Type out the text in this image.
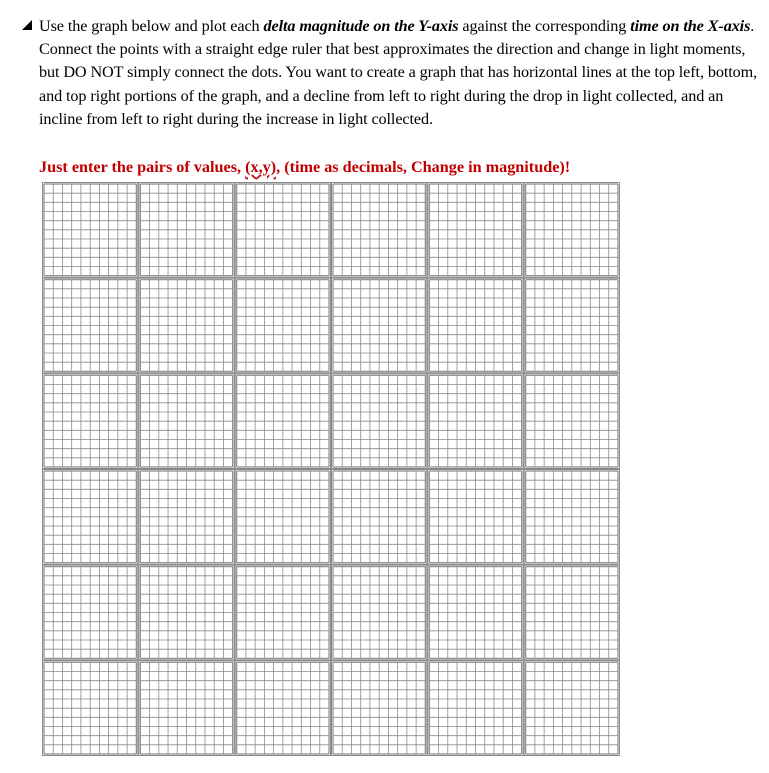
Use the graph below and plot each delta magnitude on the Y-axis against the corresponding time on the X-axis. Connect the points with a straight edge ruler that best approximates the direction and change in light moments, but DO NOT simply connect the dots. You want to create a graph that has horizontal lines at the top left, bottom, and top right portions of the graph, and a decline from left to right during the drop in light collected, and an incline from left to right during the increase in light collected.
Just enter the pairs of values, (x,y), (time as decimals, Change in magnitude)!
